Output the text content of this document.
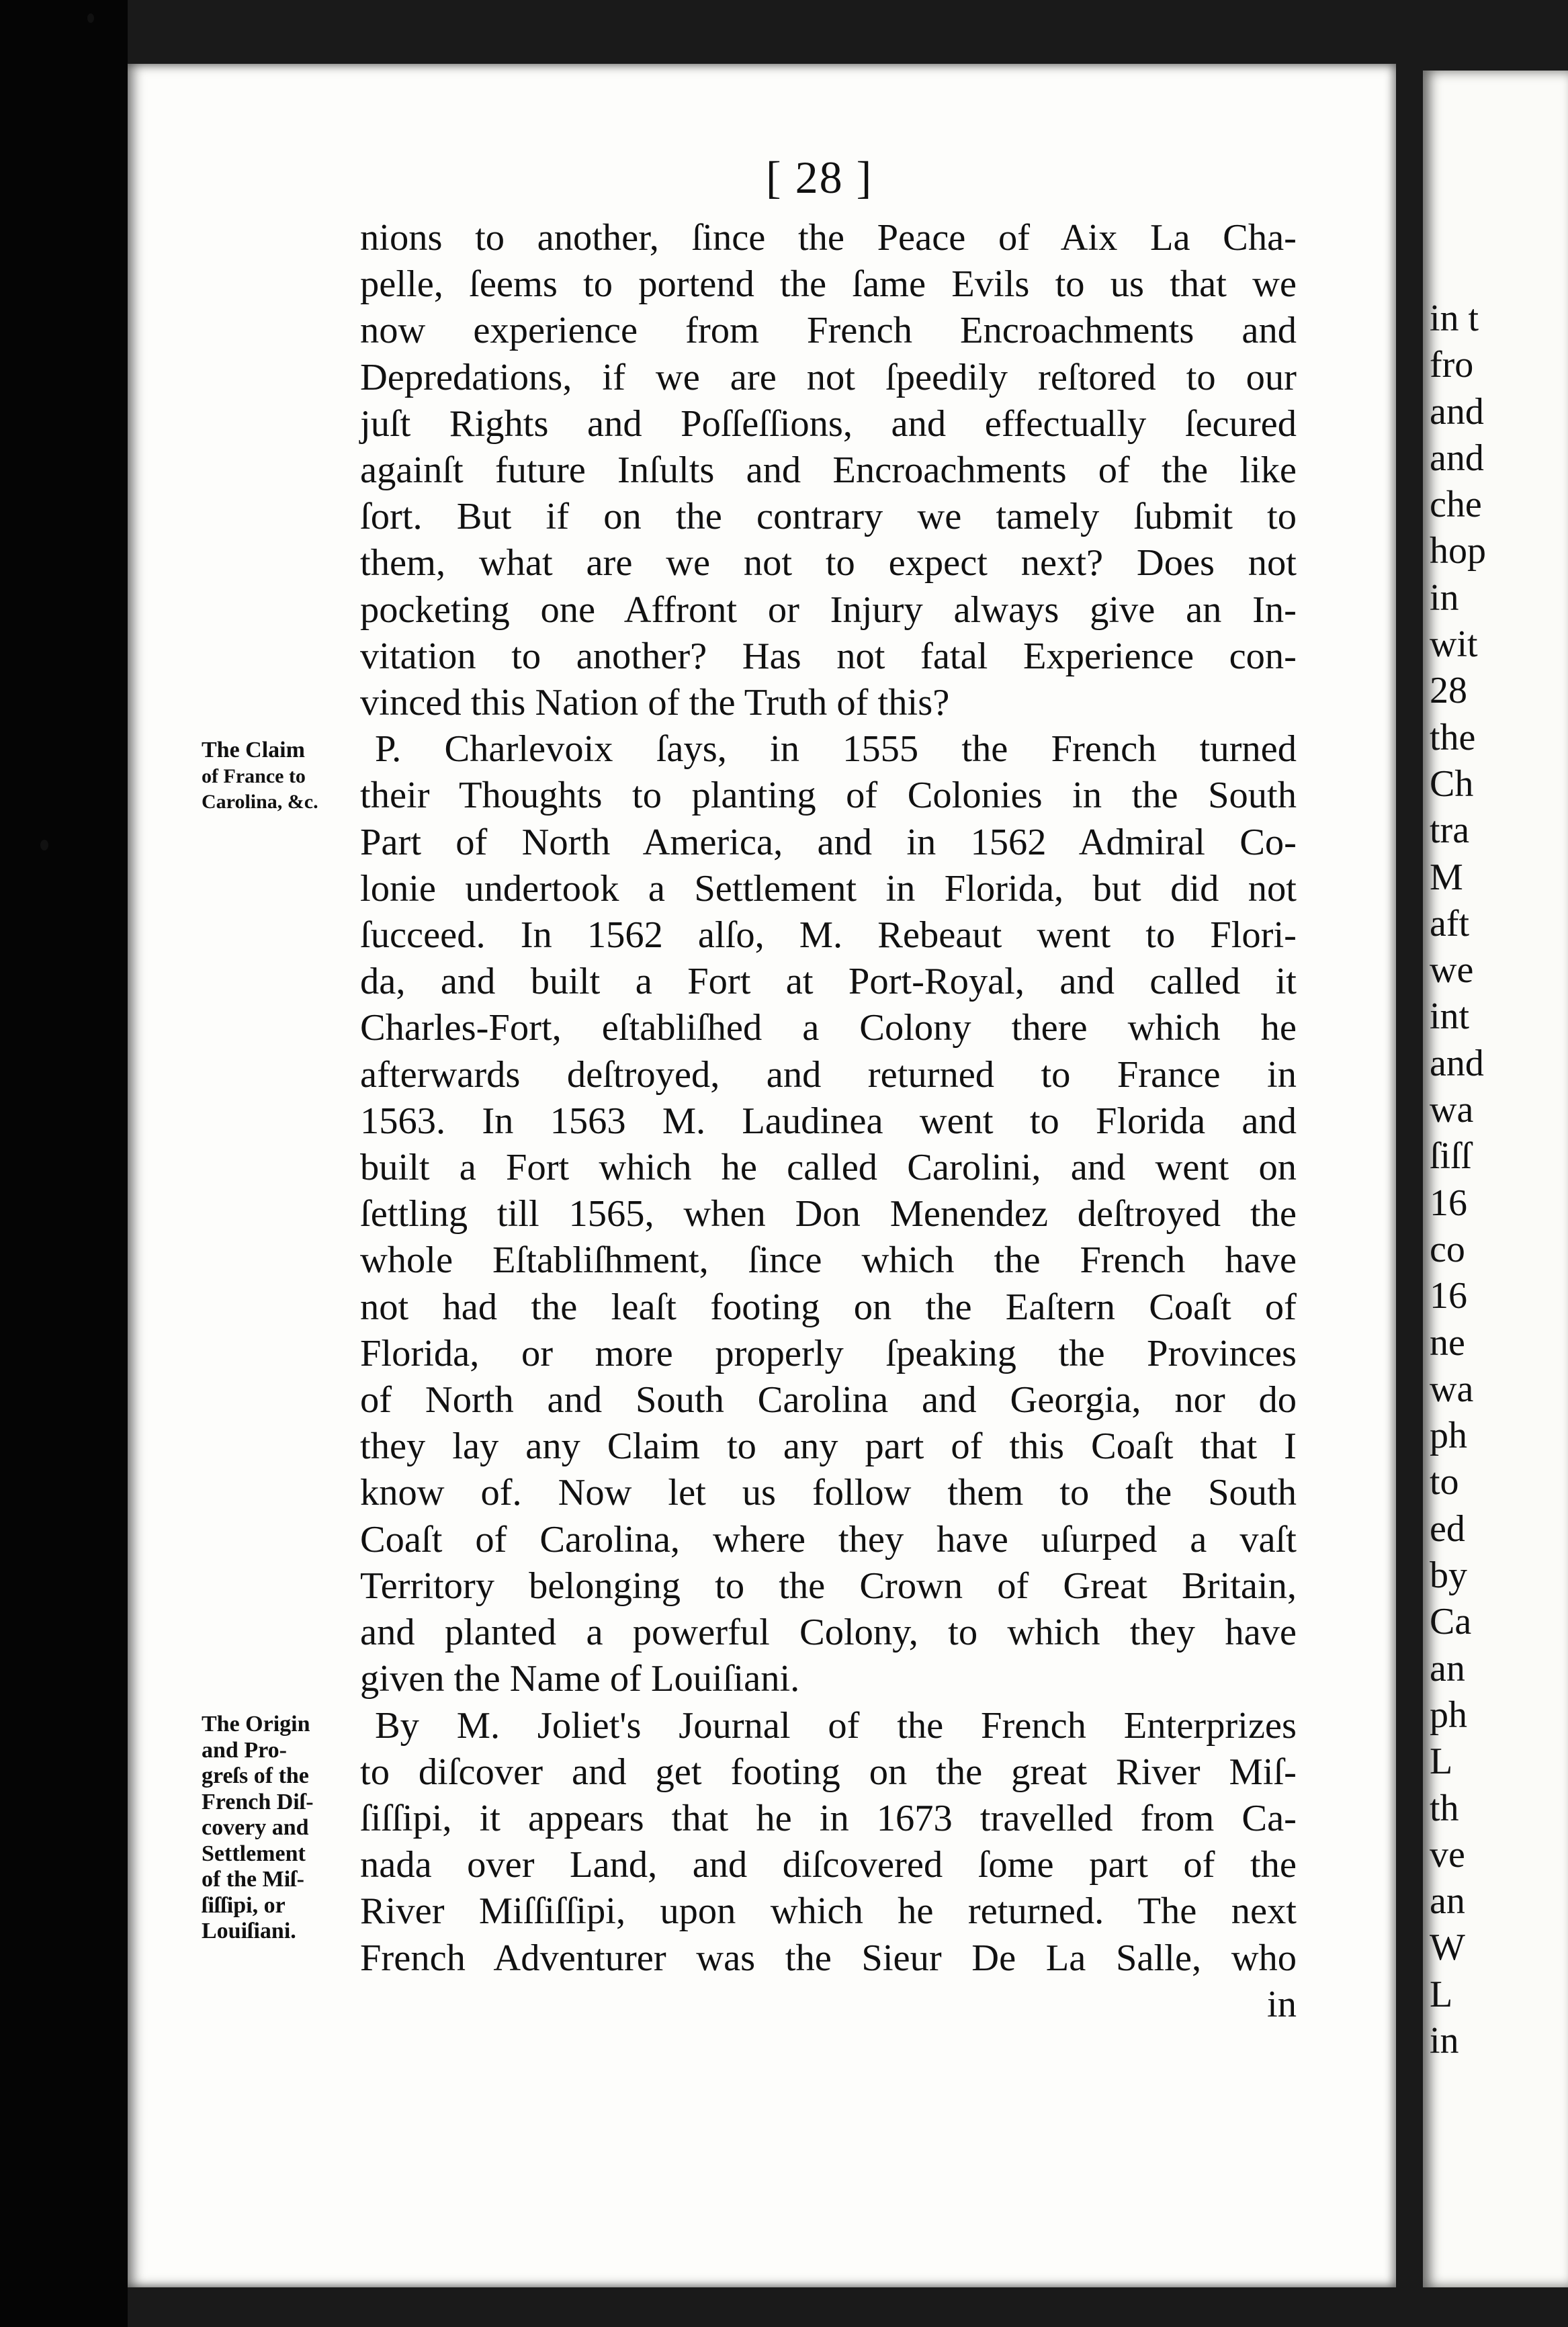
[ 28 ]
The Claim
of France to
Carolina, &c.
The Origin
and Pro-
greſs of the
French Diſ-
covery and
Settlement
of the Miſ-
ſiſſipi, or
Louiſiani.
nions to another, ſince the Peace of Aix La Cha-
pelle, ſeems to portend the ſame Evils to us that we
now experience from French Encroachments and
Depredations, if we are not ſpeedily reſtored to our
juſt Rights and Poſſeſſions, and effectually ſecured
againſt future Inſults and Encroachments of the like
ſort. But if on the contrary we tamely ſubmit to
them, what are we not to expect next? Does not
pocketing one Affront or Injury always give an In-
vitation to another? Has not fatal Experience con-
vinced this Nation of the Truth of this?
P. Charlevoix ſays, in 1555 the French turned
their Thoughts to planting of Colonies in the South
Part of North America, and in 1562 Admiral Co-
lonie undertook a Settlement in Florida, but did not
ſucceed. In 1562 alſo, M. Rebeaut went to Flori-
da, and built a Fort at Port-Royal, and called it
Charles-Fort, eſtabliſhed a Colony there which he
afterwards deſtroyed, and returned to France in
1563. In 1563 M. Laudinea went to Florida and
built a Fort which he called Carolini, and went on
ſettling till 1565, when Don Menendez deſtroyed the
whole Eſtabliſhment, ſince which the French have
not had the leaſt footing on the Eaſtern Coaſt of
Florida, or more properly ſpeaking the Provinces
of North and South Carolina and Georgia, nor do
they lay any Claim to any part of this Coaſt that I
know of. Now let us follow them to the South
Coaſt of Carolina, where they have uſurped a vaſt
Territory belonging to the Crown of Great Britain,
and planted a powerful Colony, to which they have
given the Name of Louiſiani.
By M. Joliet's Journal of the French Enterprizes
to diſcover and get footing on the great River Miſ-
ſiſſipi, it appears that he in 1673 travelled from Ca-
nada over Land, and diſcovered ſome part of the
River Miſſiſſipi, upon which he returned. The next
French Adventurer was the Sieur De La Salle, who
in
in t
fro
and
and
che
hop
in
wit
28
the
Ch
tra
M
aft
we
int
and
wa
ſiſſ
16
co
16
ne
wa
ph
to
ed
by
Ca
an
ph
L
th
ve
an
W
L
in
